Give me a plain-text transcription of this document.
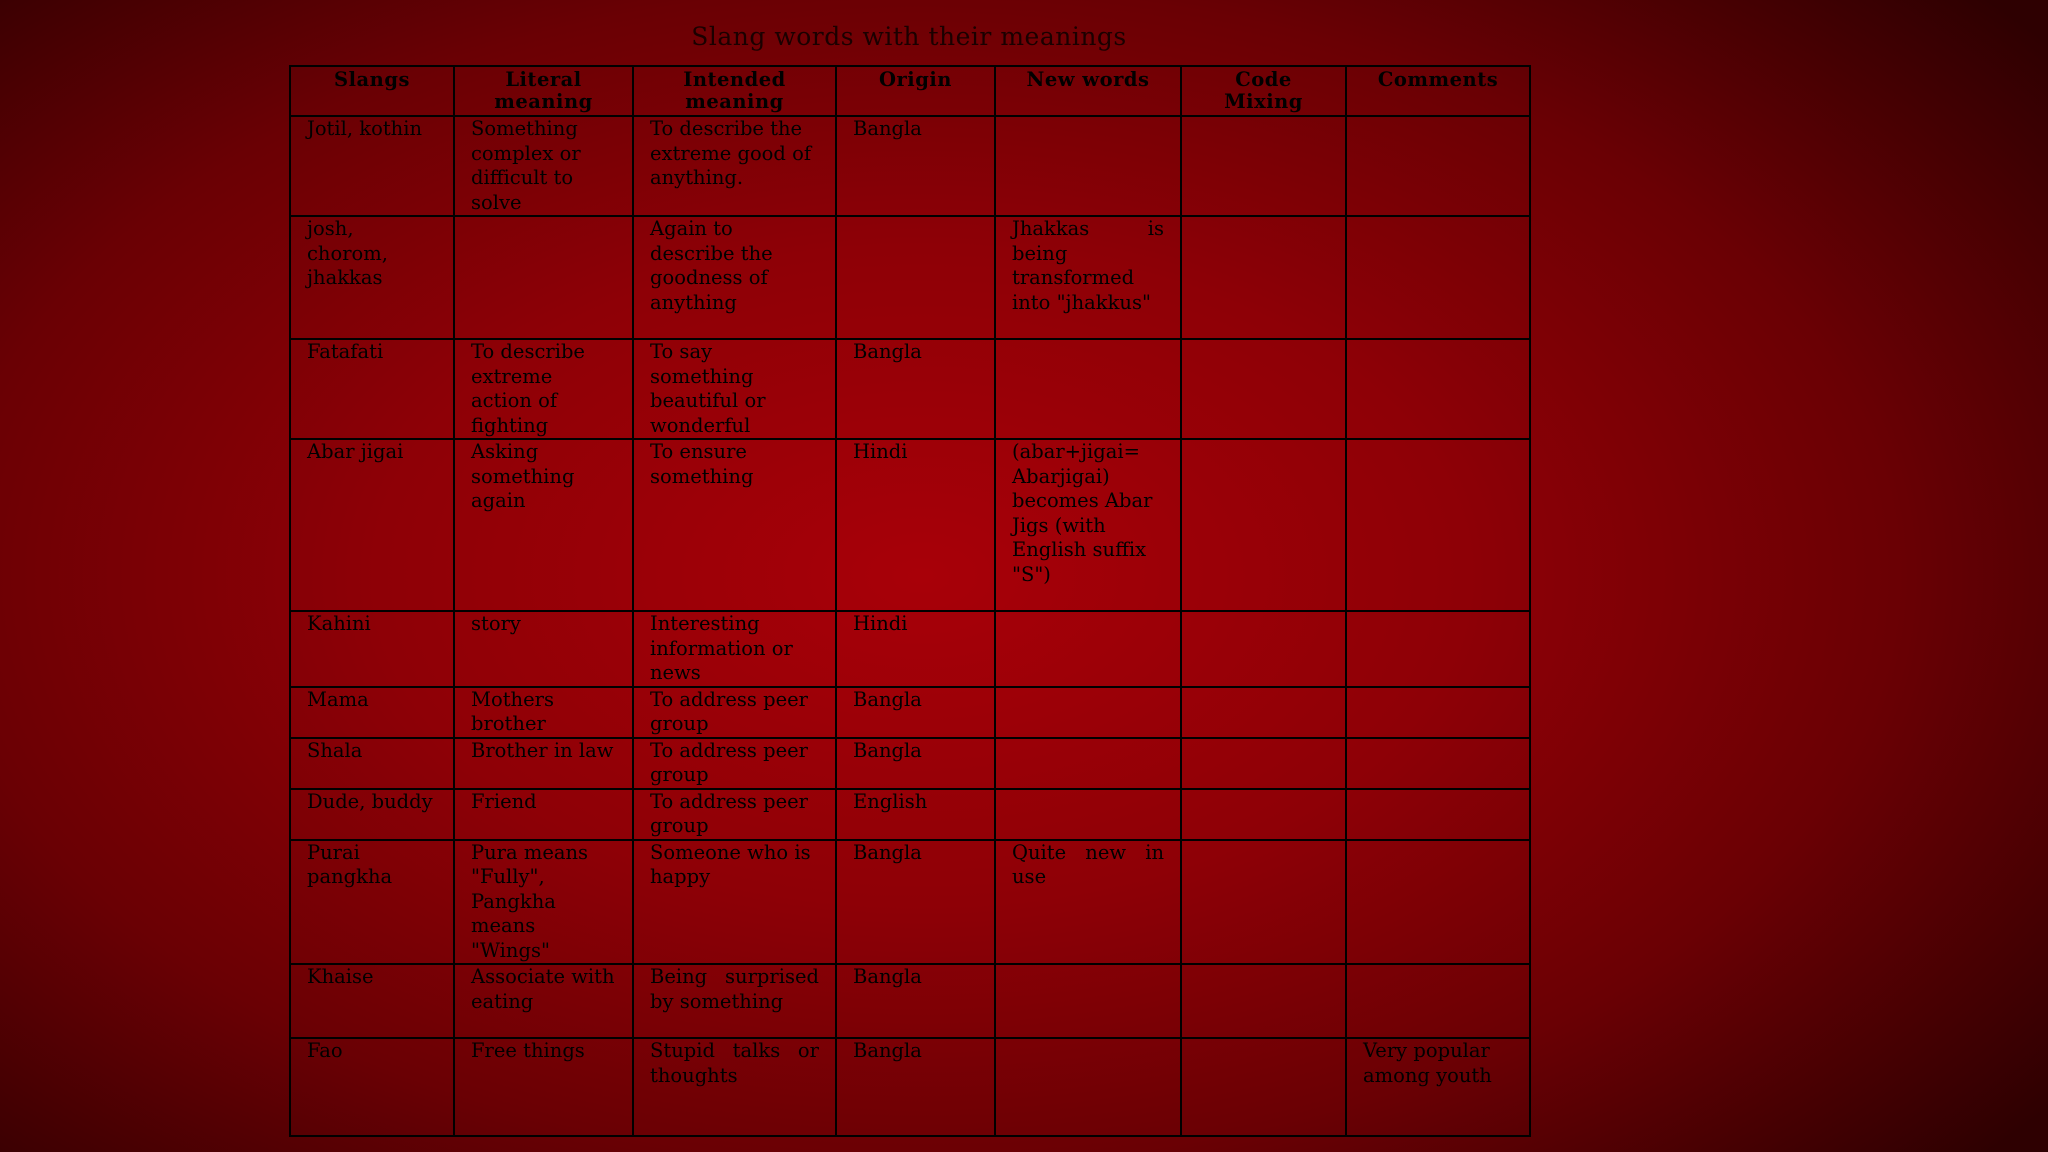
Slang words with their meanings
Slangs	Literal meaning	Intended meaning	Origin	New words	Code Mixing	Comments
Jotil, kothin	Something complex or difficult to solve	To describe the extreme good of anything.	Bangla			
josh, chorom, jhakkas		Again to describe the goodness of anything		Jhakkas is being transformed into "jhakkus"		
Fatafati	To describe extreme action of fighting	To say something beautiful or wonderful	Bangla			
Abar jigai	Asking something again	To ensure something	Hindi	(abar+jigai= Abarjigai) becomes Abar Jigs (with English suffix "S")		
Kahini	story	Interesting information or news	Hindi			
Mama	Mothers brother	To address peer group	Bangla			
Shala	Brother in law	To address peer group	Bangla			
Dude, buddy	Friend	To address peer group	English			
Purai pangkha	Pura means "Fully", Pangkha means "Wings"	Someone who is happy	Bangla	Quite new in use		
Khaise	Associate with eating	Being surprised by something	Bangla			
Fao	Free things	Stupid talks or thoughts	Bangla			Very popular among youth
